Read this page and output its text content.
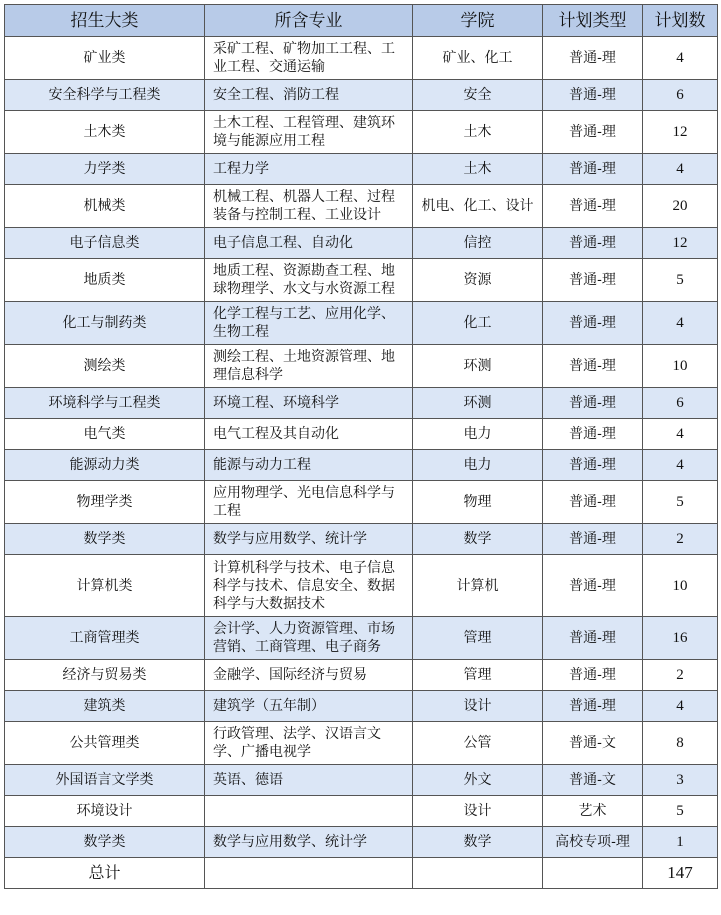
招生大类	所含专业	学院	计划类型	计划数
矿业类	采矿工程、矿物加工工程、工业工程、交通运输	矿业、化工	普通-理	4
安全科学与工程类	安全工程、消防工程	安全	普通-理	6
土木类	土木工程、工程管理、建筑环境与能源应用工程	土木	普通-理	12
力学类	工程力学	土木	普通-理	4
机械类	机械工程、机器人工程、过程装备与控制工程、工业设计	机电、化工、设计	普通-理	20
电子信息类	电子信息工程、自动化	信控	普通-理	12
地质类	地质工程、资源勘查工程、地球物理学、水文与水资源工程	资源	普通-理	5
化工与制药类	化学工程与工艺、应用化学、生物工程	化工	普通-理	4
测绘类	测绘工程、土地资源管理、地理信息科学	环测	普通-理	10
环境科学与工程类	环境工程、环境科学	环测	普通-理	6
电气类	电气工程及其自动化	电力	普通-理	4
能源动力类	能源与动力工程	电力	普通-理	4
物理学类	应用物理学、光电信息科学与工程	物理	普通-理	5
数学类	数学与应用数学、统计学	数学	普通-理	2
计算机类	计算机科学与技术、电子信息科学与技术、信息安全、数据科学与大数据技术	计算机	普通-理	10
工商管理类	会计学、人力资源管理、市场营销、工商管理、电子商务	管理	普通-理	16
经济与贸易类	金融学、国际经济与贸易	管理	普通-理	2
建筑类	建筑学（五年制）	设计	普通-理	4
公共管理类	行政管理、法学、汉语言文学、广播电视学	公管	普通-文	8
外国语言文学类	英语、德语	外文	普通-文	3
环境设计		设计	艺术	5
数学类	数学与应用数学、统计学	数学	高校专项-理	1
总计				147
